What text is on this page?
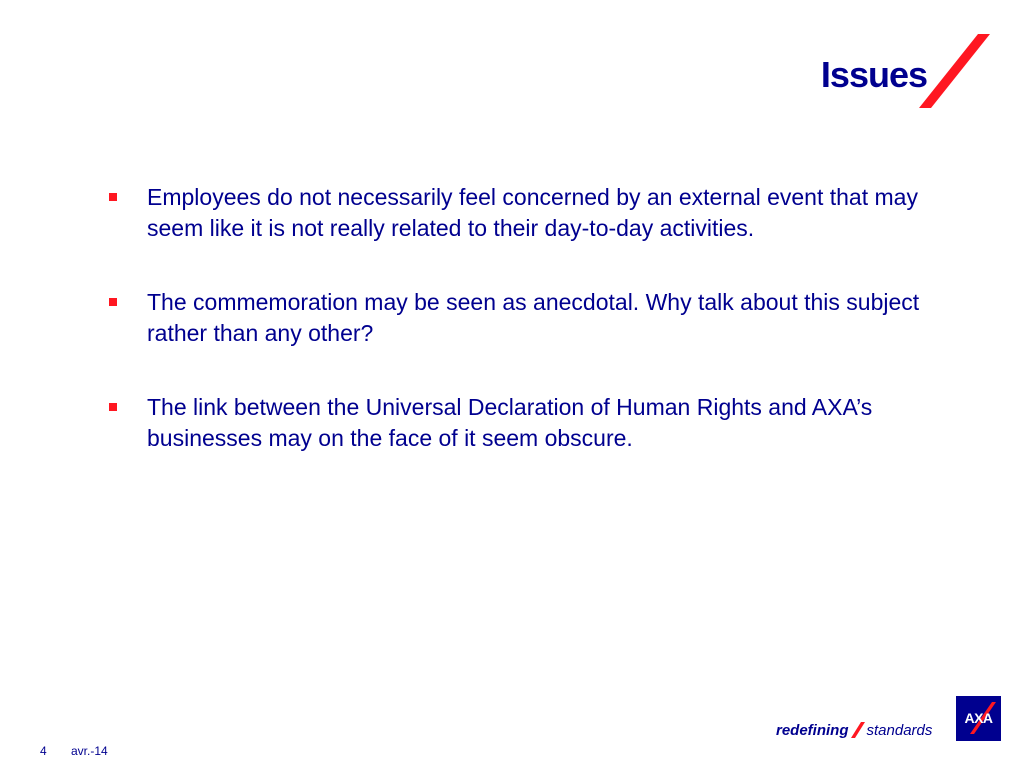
Issues
Employees do not necessarily feel concerned by an external event that may seem like it is not really related to their day-to-day activities.
The commemoration may be seen as anecdotal. Why talk about this subject rather than any other?
The link between the Universal Declaration of Human Rights and AXA’s businesses may on the face of it seem obscure.
4 avr.-14
redefining standards
AXA
